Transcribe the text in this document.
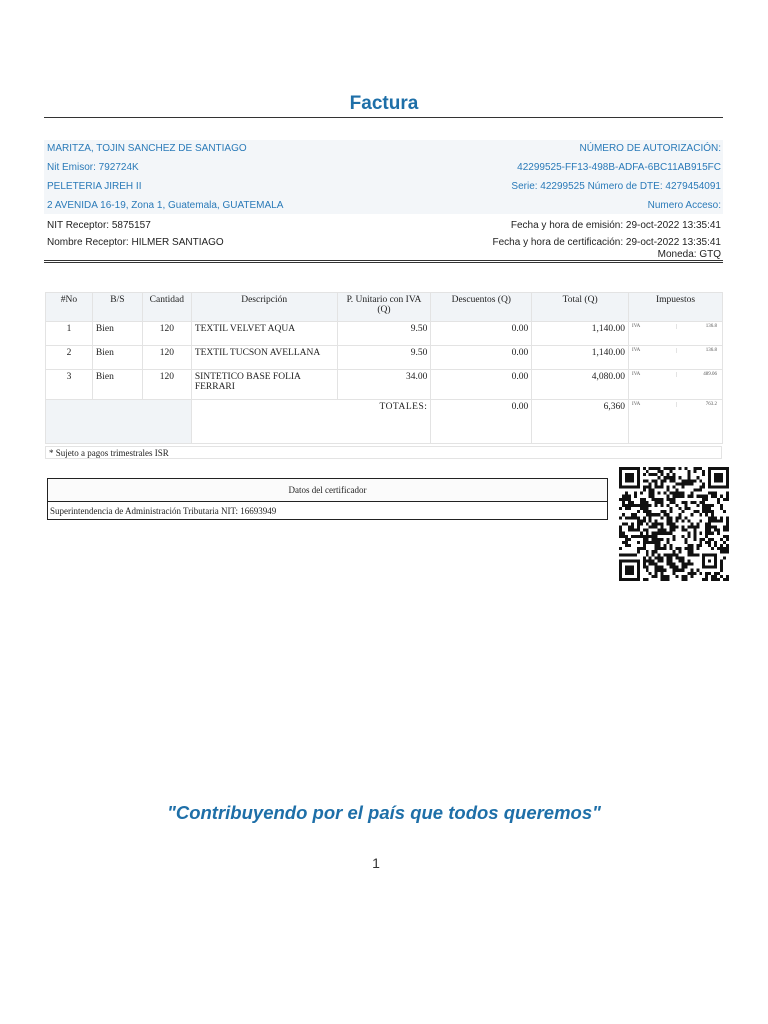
Factura
MARITZA, TOJIN SANCHEZ DE SANTIAGO	NÚMERO DE AUTORIZACIÓN:
Nit Emisor: 792724K	42299525-FF13-498B-ADFA-6BC11AB915FC
PELETERIA JIREH II	Serie: 42299525 Número de DTE: 4279454091
2 AVENIDA 16-19, Zona 1, Guatemala, GUATEMALA	Numero Acceso:
NIT Receptor: 5875157	Fecha y hora de emisión: 29-oct-2022 13:35:41
Nombre Receptor: HILMER SANTIAGO	Fecha y hora de certificación: 29-oct-2022 13:35:41
Moneda: GTQ
#No	B/S	Cantidad	Descripción	P. Unitario con IVA (Q)	Descuentos (Q)	Total (Q)	Impuestos
1	Bien	120	TEXTIL VELVET AQUA	9.50	0.00	1,140.00	IVA 136.8

2	Bien	120	TEXTIL TUCSON AVELLANA	9.50	0.00	1,140.00	IVA 136.8

3	Bien	120	SINTETICO BASE FOLIA FERRARI	34.00	0.00	4,080.00	IVA 489.06

			TOTALES:		0.00	6,360	IVA 763.2
* Sujeto a pagos trimestrales ISR
Datos del certificador
Superintendencia de Administración Tributaria NIT: 16693949
"Contribuyendo por el país que todos queremos"
1
